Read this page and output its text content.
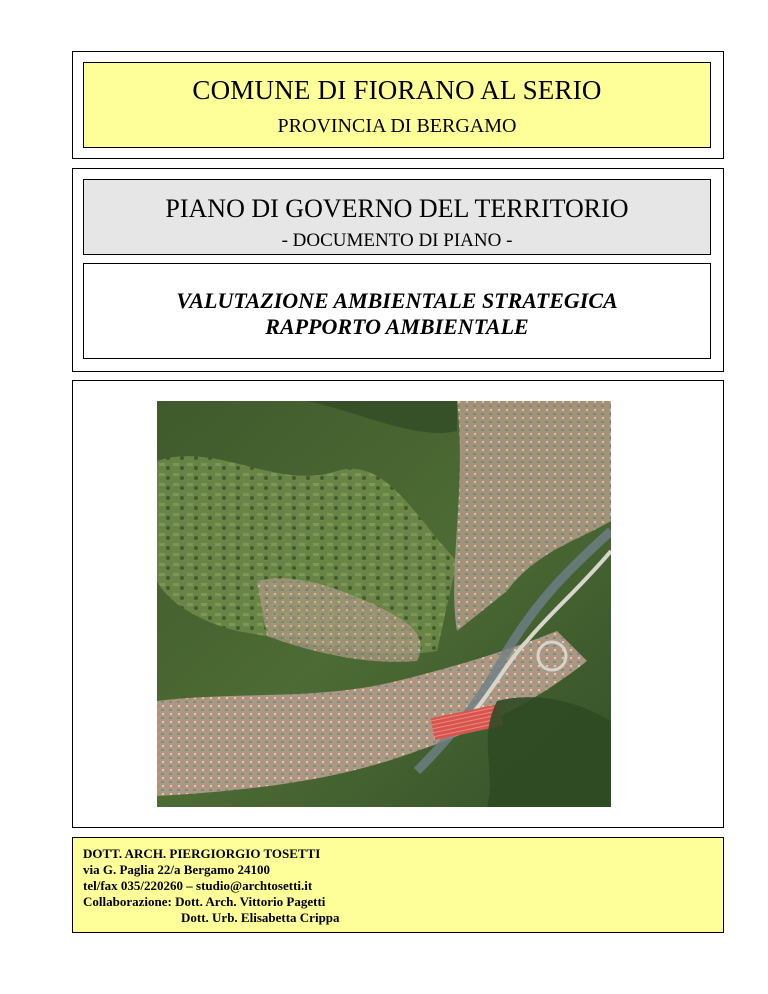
COMUNE DI FIORANO AL SERIO
PROVINCIA DI BERGAMO
PIANO DI GOVERNO DEL TERRITORIO
- DOCUMENTO DI PIANO -
VALUTAZIONE AMBIENTALE STRATEGICA
RAPPORTO AMBIENTALE
DOTT. ARCH. PIERGIORGIO TOSETTI
via G. Paglia 22/a Bergamo 24100
tel/fax 035/220260 – studio@archtosetti.it
Collaborazione: Dott. Arch. Vittorio Pagetti
Dott. Urb. Elisabetta Crippa
